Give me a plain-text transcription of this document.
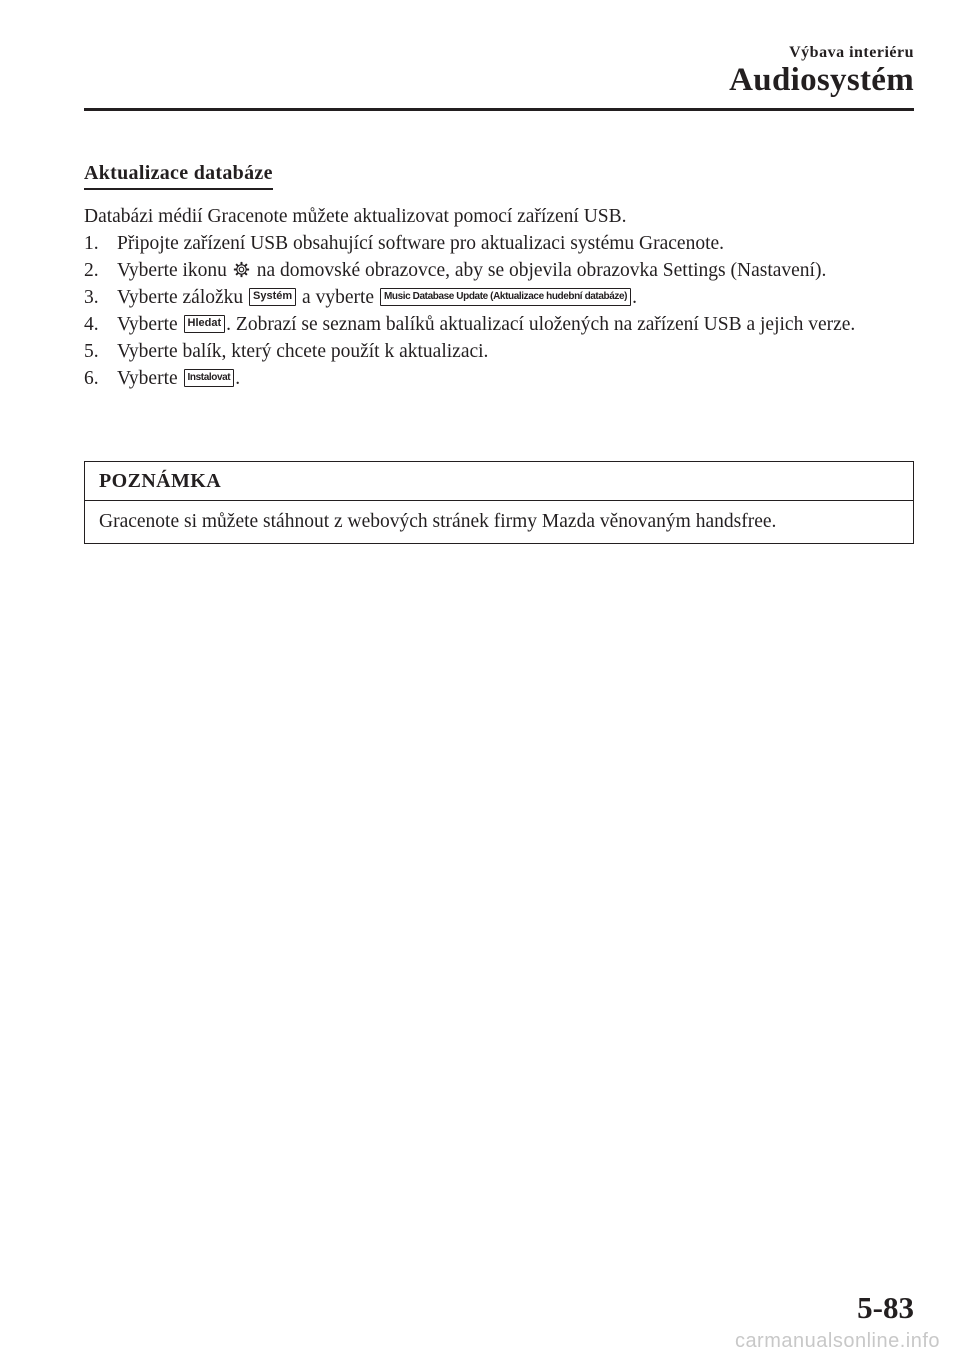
Výbava interiéru
Audiosystém
Aktualizace databáze
Databázi médií Gracenote můžete aktualizovat pomocí zařízení USB.
1. Připojte zařízení USB obsahující software pro aktualizaci systému Gracenote.
2. Vyberte ikonu na domovské obrazovce, aby se objevila obrazovka Settings (Nastavení).
3. Vyberte záložku Systém a vyberte Music Database Update (Aktualizace hudební databáze) .
4. Vyberte Hledat . Zobrazí se seznam balíků aktualizací uložených na zařízení USB a jejich verze.
5. Vyberte balík, který chcete použít k aktualizaci.
6. Vyberte Instalovat .
POZNÁMKA
Gracenote si můžete stáhnout z webových stránek firmy Mazda věnovaným handsfree.
5-83
carmanualsonline.info
